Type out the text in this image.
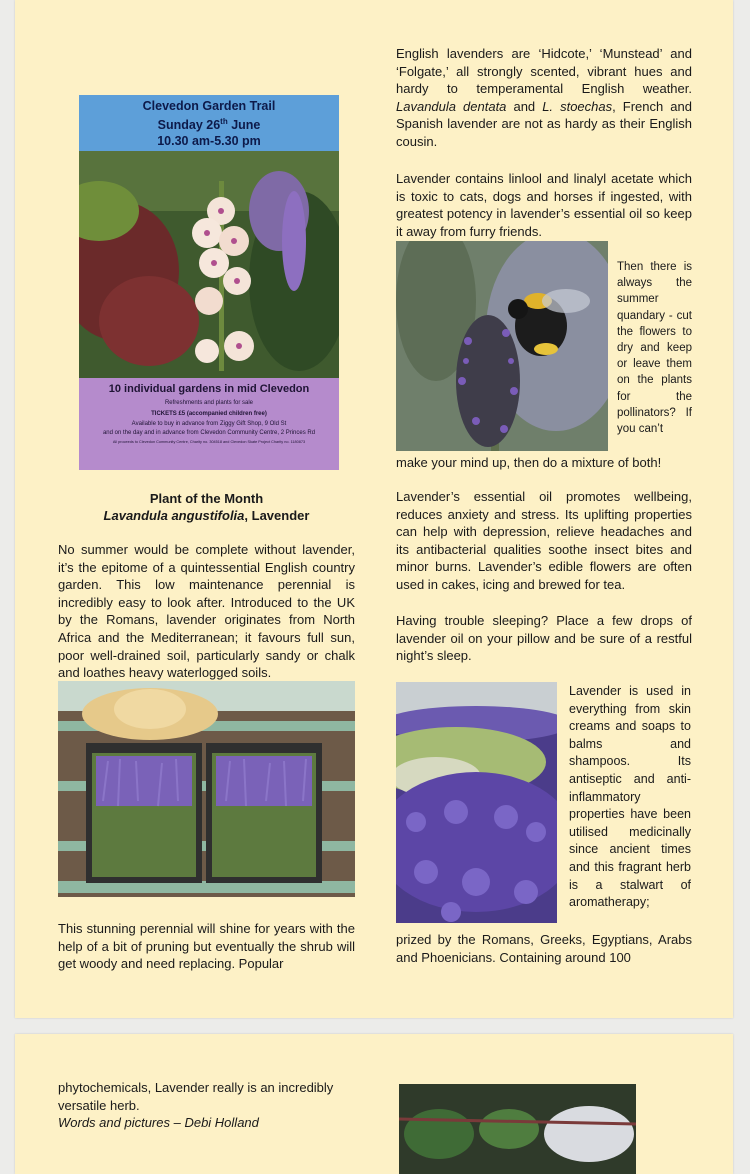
Clevedon Garden Trail
Sunday 26th June
10.30 am-5.30 pm
10 individual gardens in mid Clevedon
Refreshments and plants for sale
TICKETS £5 (accompanied children free)
Available to buy in advance from Ziggy Gift Shop, 9 Old St
and on the day and in advance from Clevedon Community Centre, 2 Princes Rd
All proceeds to Clevedon Community Centre, Charity no. 304518 and Clevedon Skate Project Charity no. 1180873
Plant of the Month
Lavandula angustifolia, Lavender
No summer would be complete without lavender, it’s the epitome of a quintessential English country garden. This low maintenance perennial is incredibly easy to look after. Introduced to the UK by the Romans, lavender originates from North Africa and the Mediterranean; it favours full sun, poor well-drained soil, particularly sandy or chalk and loathes heavy waterlogged soils.
This stunning perennial will shine for years with the help of a bit of pruning but eventually the shrub will get woody and need replacing. Popular
English lavenders are ‘Hidcote,’ ‘Munstead’ and ‘Folgate,’ all strongly scented, vibrant hues and hardy to temperamental English weather. Lavandula dentata and L. stoechas, French and Spanish lavender are not as hardy as their English cousin.
Lavender contains linlool and linalyl acetate which is toxic to cats, dogs and horses if ingested, with greatest potency in lavender’s essential oil so keep it away from furry friends.
Then there is always the summer quandary - cut the flowers to dry and keep or leave them on the plants for the pollinators? If you can’t
make your mind up, then do a mixture of both!
Lavender’s essential oil promotes wellbeing, reduces anxiety and stress. Its uplifting properties can help with depression, relieve headaches and its antibacterial qualities soothe insect bites and minor burns. Lavender’s edible flowers are often used in cakes, icing and brewed for tea.
Having trouble sleeping? Place a few drops of lavender oil on your pillow and be sure of a restful night’s sleep.
Lavender is used in everything from skin creams and soaps to balms and shampoos. Its antiseptic and anti-inflammatory properties have been utilised medicinally since ancient times and this fragrant herb is a stalwart of aromatherapy;
prized by the Romans, Greeks, Egyptians, Arabs and Phoenicians. Containing around 100
phytochemicals, Lavender really is an incredibly versatile herb.
Words and pictures – Debi Holland
